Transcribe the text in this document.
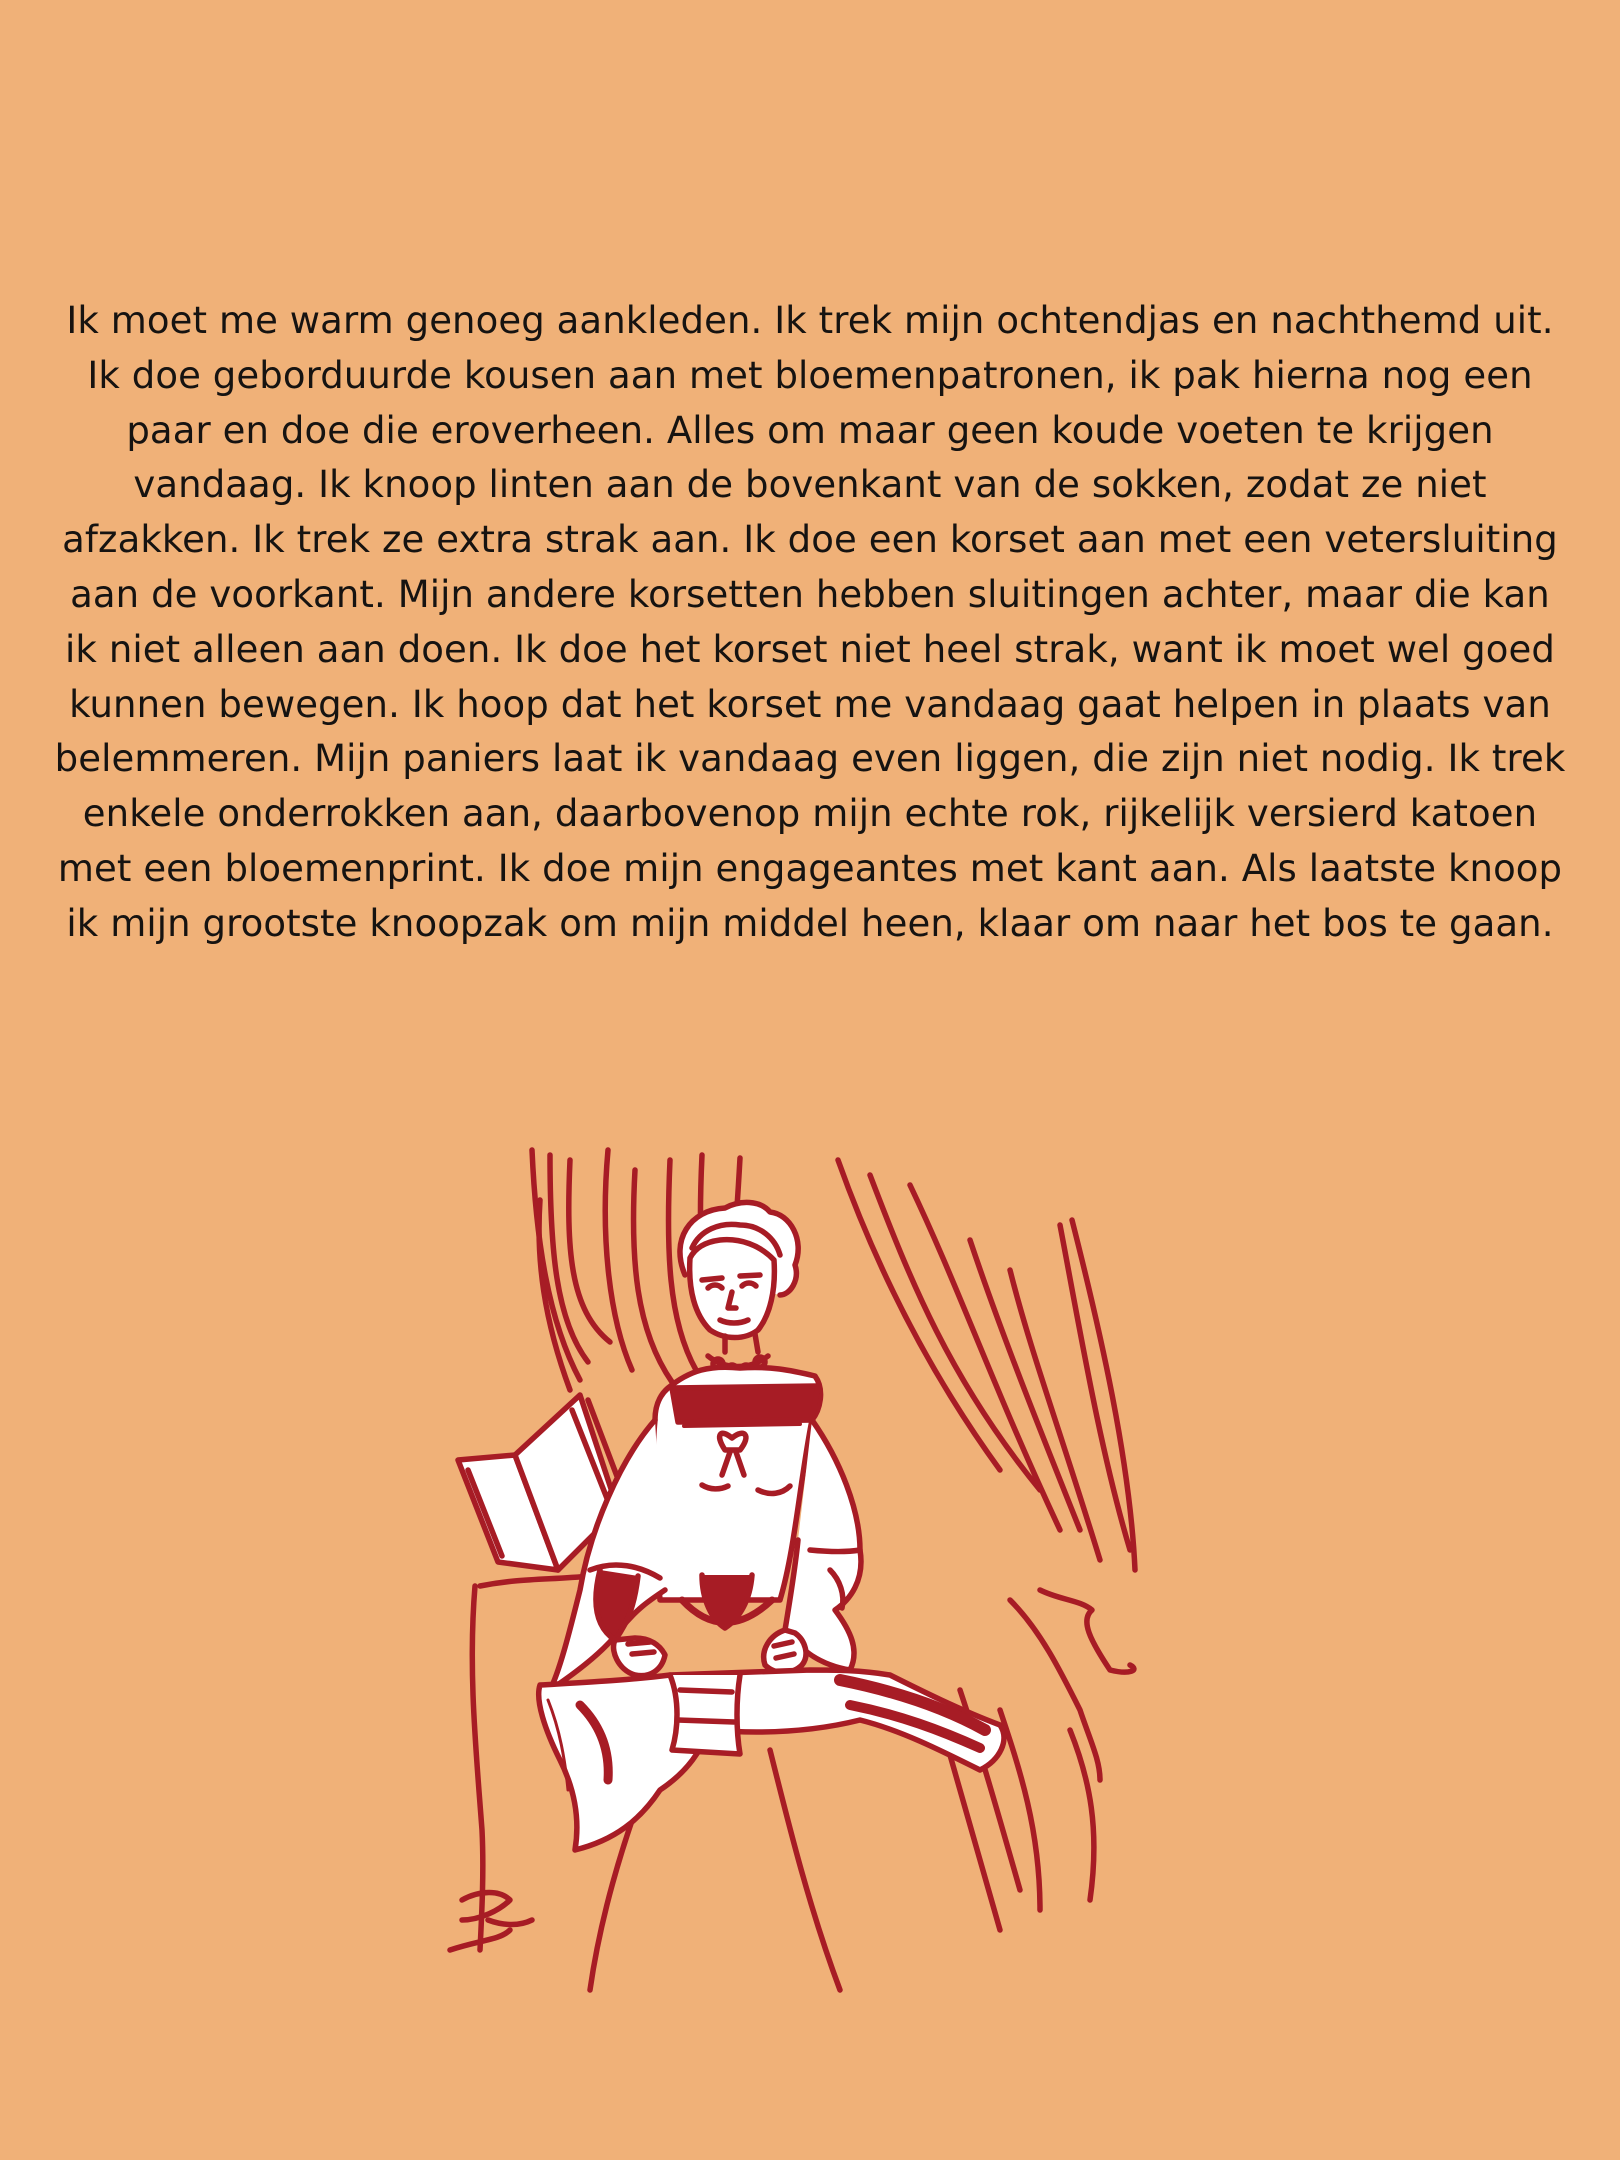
Ik moet me warm genoeg aankleden. Ik trek mijn ochtendjas en nachthemd uit. Ik doe geborduurde kousen aan met bloemenpatronen, ik pak hierna nog een paar en doe die eroverheen. Alles om maar geen koude voeten te krijgen vandaag. Ik knoop linten aan de bovenkant van de sokken, zodat ze niet afzakken. Ik trek ze extra strak aan. Ik doe een korset aan met een vetersluiting aan de voorkant. Mijn andere korsetten hebben sluitingen achter, maar die kan ik niet alleen aan doen. Ik doe het korset niet heel strak, want ik moet wel goed kunnen bewegen. Ik hoop dat het korset me vandaag gaat helpen in plaats van belemmeren. Mijn paniers laat ik vandaag even liggen, die zijn niet nodig. Ik trek enkele onderrokken aan, daarbovenop mijn echte rok, rijkelijk versierd katoen met een bloemenprint. Ik doe mijn engageantes met kant aan. Als laatste knoop ik mijn grootste knoopzak om mijn middel heen, klaar om naar het bos te gaan.
